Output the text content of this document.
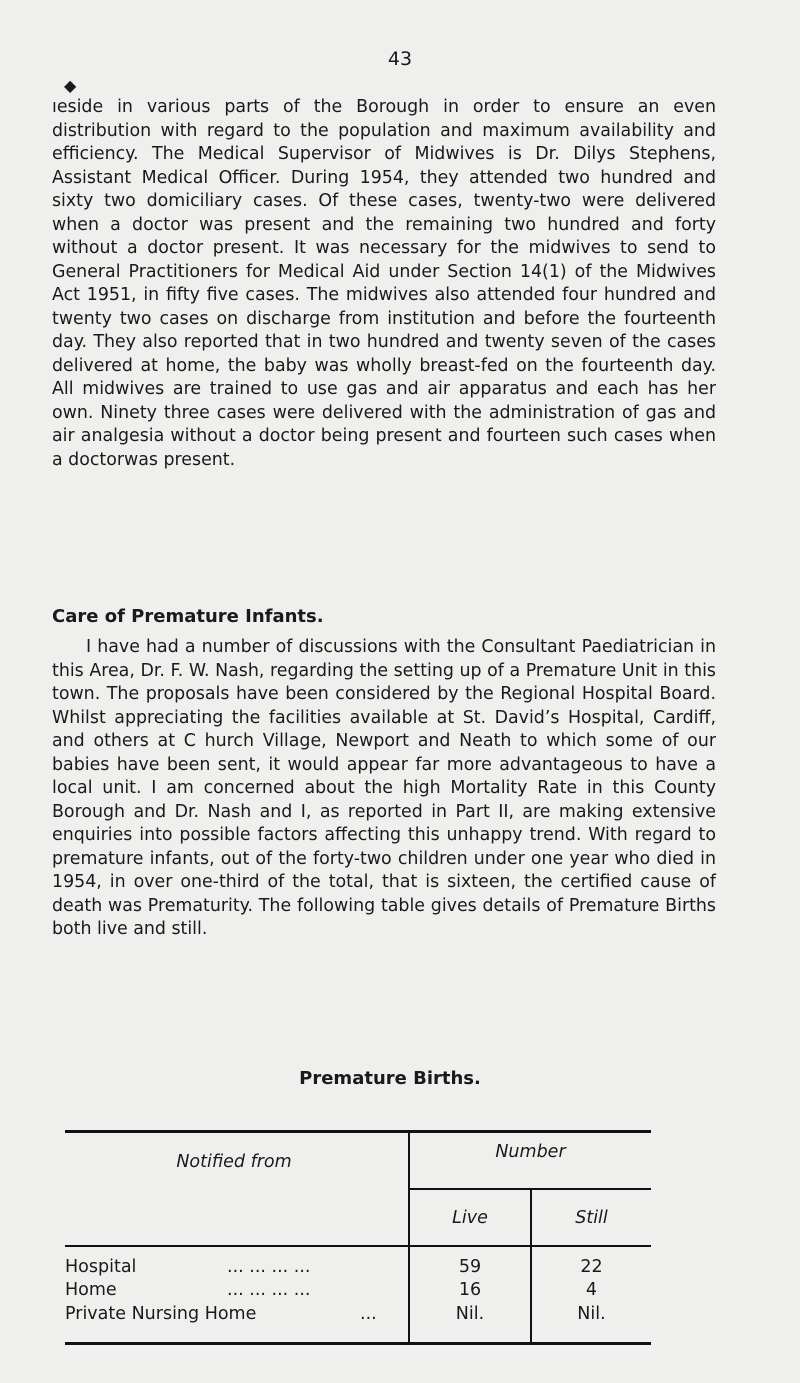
43
◆

ıeside in various parts of the Borough in order to ensure an even distribution with regard to the population and maximum availability and efficiency. The Medical Supervisor of Midwives is Dr. Dilys Stephens, Assistant Medical Officer. During 1954, they attended two hundred and sixty two domiciliary cases. Of these cases, twenty-two were delivered when a doctor was present and the remaining two hundred and forty without a doctor present. It was necessary for the midwives to send to General Practitioners for Medical Aid under Section 14(1) of the Midwives Act 1951, in fifty five cases. The midwives also attended four hundred and twenty two cases on discharge from institution and before the fourteenth day. They also reported that in two hundred and twenty seven of the cases delivered at home, the baby was wholly breast-fed on the fourteenth day. All midwives are trained to use gas and air apparatus and each has her own. Ninety three cases were delivered with the administration of gas and air analgesia without a doctor being present and fourteen such cases when a doctorwas present.

Care of Premature Infants.

I have had a number of discussions with the Consultant Paediatrician in this Area, Dr. F. W. Nash, regarding the setting up of a Premature Unit in this town. The proposals have been considered by the Regional Hospital Board. Whilst appreciating the facilities available at St. David’s Hospital, Cardiff, and others at C hurch Village, Newport and Neath to which some of our babies have been sent, it would appear far more advantageous to have a local unit. I am concerned about the high Mortality Rate in this County Borough and Dr. Nash and I, as reported in Part II, are making extensive enquiries into possible factors affecting this unhappy trend. With regard to premature infants, out of the forty-two children under one year who died in 1954, in over one-third of the total, that is sixteen, the certified cause of death was Prematurity. The following table gives details of Premature Births both live and still.

Premature Births.
Notified from	Number
Live	Still
Hospital	... ... ... ...	59	22
Home	... ... ... ...	16	4
Private Nursing Home	...	Nil.	Nil.
